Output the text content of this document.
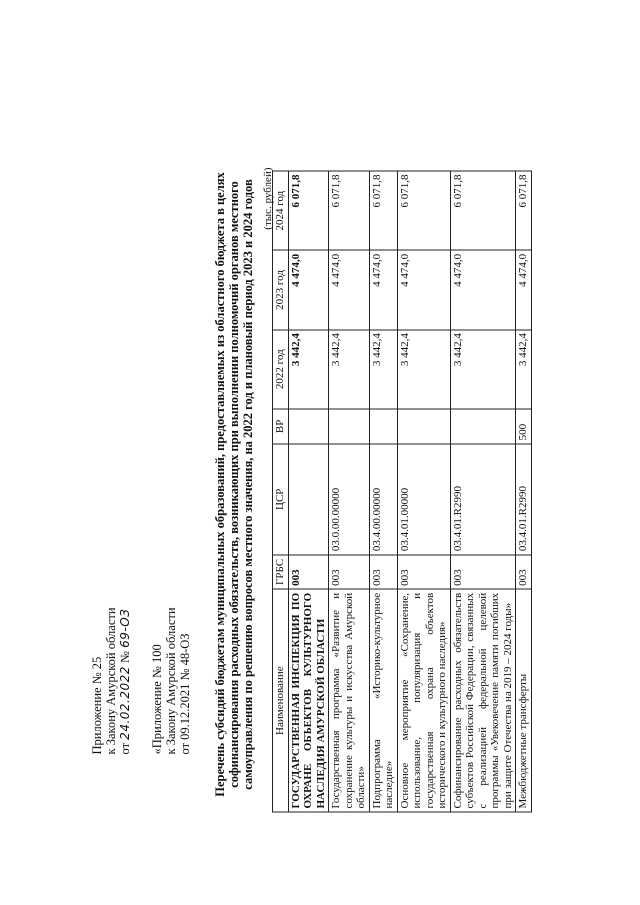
Приложение № 25 к Закону Амурской области от 24.02.2022 № 69-ОЗ
«Приложение № 100 к Закону Амурской области от 09.12.2021 № 48-ОЗ Перечень субсидий бюджетам муниципальных образований, предоставляемых из областного бюджета в целях софинансирования расходных обязательств, возникающих при выполнении полномочий органов местного самоуправления по решению вопросов местного значения, на 2022 год и плановый период 2023 и 2024 годов (тыс. рублей)
Наименование	ГРБС	ЦСР	ВР	2022 год	2023 год	2024 год
ГОСУДАРСТВЕННАЯ ИНСПЕКЦИЯ ПО ОХРАНЕ ОБЪЕКТОВ КУЛЬТУРНОГО НАСЛЕДИЯ АМУРСКОЙ ОБЛАСТИ	003			3 442,4	4 474,0	6 071,8
Государственная программа «Развитие и сохранение культуры и искусства Амурской области»	003	03.0.00.00000		3 442,4	4 474,0	6 071,8
Подпрограмма «Историко-культурное наследие»	003	03.4.00.00000		3 442,4	4 474,0	6 071,8
Основное мероприятие «Сохранение, использование, популяризация и государственная охрана объектов исторического и культурного наследия»	003	03.4.01.00000		3 442,4	4 474,0	6 071,8
Софинансирование расходных обязательств субъектов Российской Федерации, связанных с реализацией федеральной целевой программы «Увековечение памяти погибших при защите Отечества на 2019 – 2024 годы»	003	03.4.01.R2990		3 442,4	4 474,0	6 071,8
Межбюджетные трансферты	003	03.4.01.R2990	500	3 442,4	4 474,0	6 071,8
